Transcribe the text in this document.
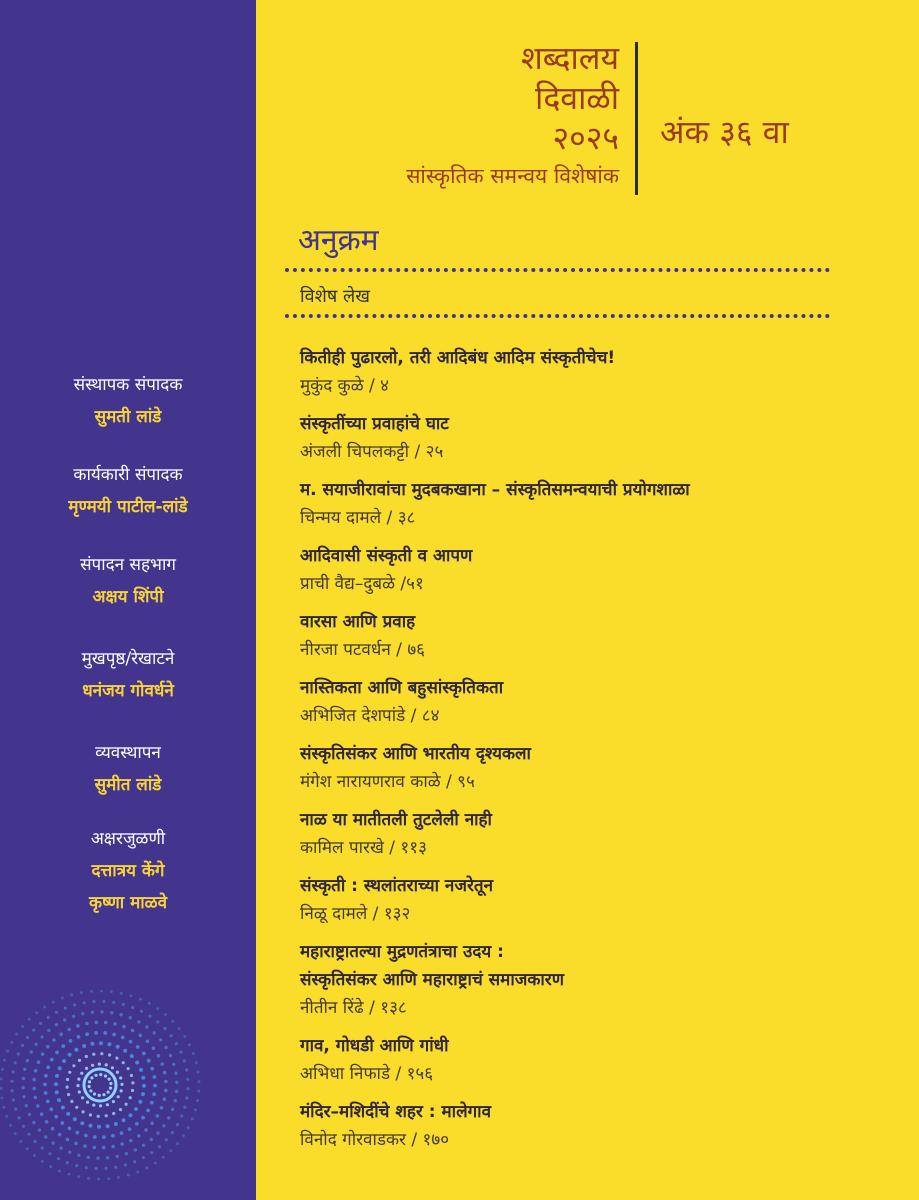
संस्थापक संपादक
सुमती लांडे
कार्यकारी संपादक
मृण्मयी पाटील-लांडे
संपादन सहभाग
अक्षय शिंपी
मुखपृष्ठ/रेखाटने
धनंजय गोवर्धने
व्यवस्थापन
सुमीत लांडे
अक्षरजुळणी
दत्तात्रय केंगे
कृष्णा माळवे
शब्दालय
दिवाळी
२०२५
सांस्कृतिक समन्वय विशेषांक
अंक ३६ वा
अनुक्रम
विशेष लेख
कितीही पुढारलो, तरी आदिबंध आदिम संस्कृतीचेच!
मुकुंद कुळे / ४
संस्कृतींच्या प्रवाहांचे घाट
अंजली चिपलकट्टी / २५
म. सयाजीरावांचा मुदबकखाना – संस्कृतिसमन्वयाची प्रयोगशाळा
चिन्मय दामले / ३८
आदिवासी संस्कृती व आपण
प्राची वैद्य–दुबळे /५१
वारसा आणि प्रवाह
नीरजा पटवर्धन / ७६
नास्तिकता आणि बहुसांस्कृतिकता
अभिजित देशपांडे / ८४
संस्कृतिसंकर आणि भारतीय दृश्यकला
मंगेश नारायणराव काळे / ९५
नाळ या मातीतली तुटलेली नाही
कामिल पारखे / ११३
संस्कृती : स्थलांतराच्या नजरेतून
निळू दामले / १३२
महाराष्ट्रातल्या मुद्रणतंत्राचा उदय :
संस्कृतिसंकर आणि महाराष्ट्राचं समाजकारण
नीतीन रिंढे / १३८
गाव, गोधडी आणि गांधी
अभिधा निफाडे / १५६
मंदिर–मशिदींचे शहर : मालेगाव
विनोद गोरवाडकर / १७०
